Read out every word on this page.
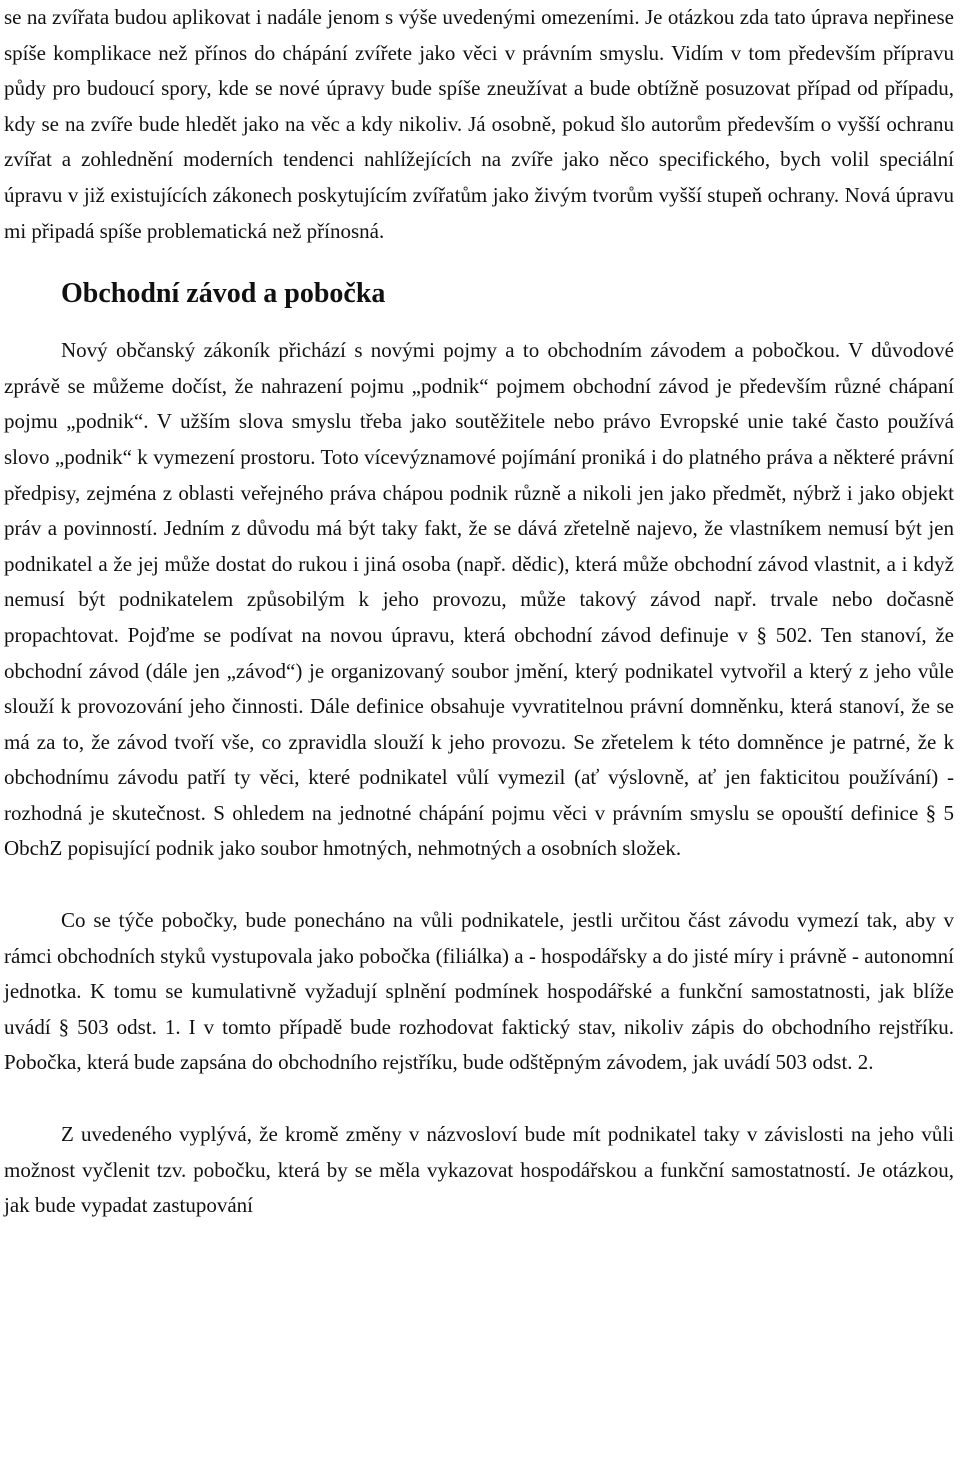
se na zvířata budou aplikovat i nadále jenom s výše uvedenými omezeními. Je otázkou zda tato úprava nepřinese spíše komplikace než přínos do chápání zvířete jako věci v právním smyslu. Vidím v tom především přípravu půdy pro budoucí spory, kde se nové úpravy bude spíše zneužívat a bude obtížně posuzovat případ od případu, kdy se na zvíře bude hledět jako na věc a kdy nikoliv. Já osobně, pokud šlo autorům především o vyšší ochranu zvířat a zohlednění moderních tendenci nahlížejících na zvíře jako něco specifického, bych volil speciální úpravu v již existujících zákonech poskytujícím zvířatům jako živým tvorům vyšší stupeň ochrany. Nová úpravu mi připadá spíše problematická než přínosná.

Obchodní závod a pobočka

Nový občanský zákoník přichází s novými pojmy a to obchodním závodem a pobočkou. V důvodové zprávě se můžeme dočíst, že nahrazení pojmu „podnik“ pojmem obchodní závod je především různé chápaní pojmu „podnik“. V užším slova smyslu třeba jako soutěžitele nebo právo Evropské unie také často používá slovo „podnik“ k vymezení prostoru. Toto vícevýznamové pojímání proniká i do platného práva a některé právní předpisy, zejména z oblasti veřejného práva chápou podnik různě a nikoli jen jako předmět, nýbrž i jako objekt práv a povinností. Jedním z důvodu má být taky fakt, že se dává zřetelně najevo, že vlastníkem nemusí být jen podnikatel a že jej může dostat do rukou i jiná osoba (např. dědic), která může obchodní závod vlastnit, a i když nemusí být podnikatelem způsobilým k jeho provozu, může takový závod např. trvale nebo dočasně propachtovat. Pojďme se podívat na novou úpravu, která obchodní závod definuje v § 502. Ten stanoví, že obchodní závod (dále jen „závod“) je organizovaný soubor jmění, který podnikatel vytvořil a který z jeho vůle slouží k provozování jeho činnosti. Dále definice obsahuje vyvratitelnou právní domněnku, která stanoví, že se má za to, že závod tvoří vše, co zpravidla slouží k jeho provozu. Se zřetelem k této domněnce je patrné, že k obchodnímu závodu patří ty věci, které podnikatel vůlí vymezil (ať výslovně, ať jen fakticitou používání) - rozhodná je skutečnost. S ohledem na jednotné chápání pojmu věci v právním smyslu se opouští definice § 5 ObchZ popisující podnik jako soubor hmotných, nehmotných a osobních složek.

Co se týče pobočky, bude ponecháno na vůli podnikatele, jestli určitou část závodu vymezí tak, aby v rámci obchodních styků vystupovala jako pobočka (filiálka) a - hospodářsky a do jisté míry i právně - autonomní jednotka. K tomu se kumulativně vyžadují splnění podmínek hospodářské a funkční samostatnosti, jak blíže uvádí § 503 odst. 1. I v tomto případě bude rozhodovat faktický stav, nikoliv zápis do obchodního rejstříku. Pobočka, která bude zapsána do obchodního rejstříku, bude odštěpným závodem, jak uvádí 503 odst. 2.

Z uvedeného vyplývá, že kromě změny v názvosloví bude mít podnikatel taky v závislosti na jeho vůli možnost vyčlenit tzv. pobočku, která by se měla vykazovat hospodářskou a funkční samostatností. Je otázkou, jak bude vypadat zastupování
